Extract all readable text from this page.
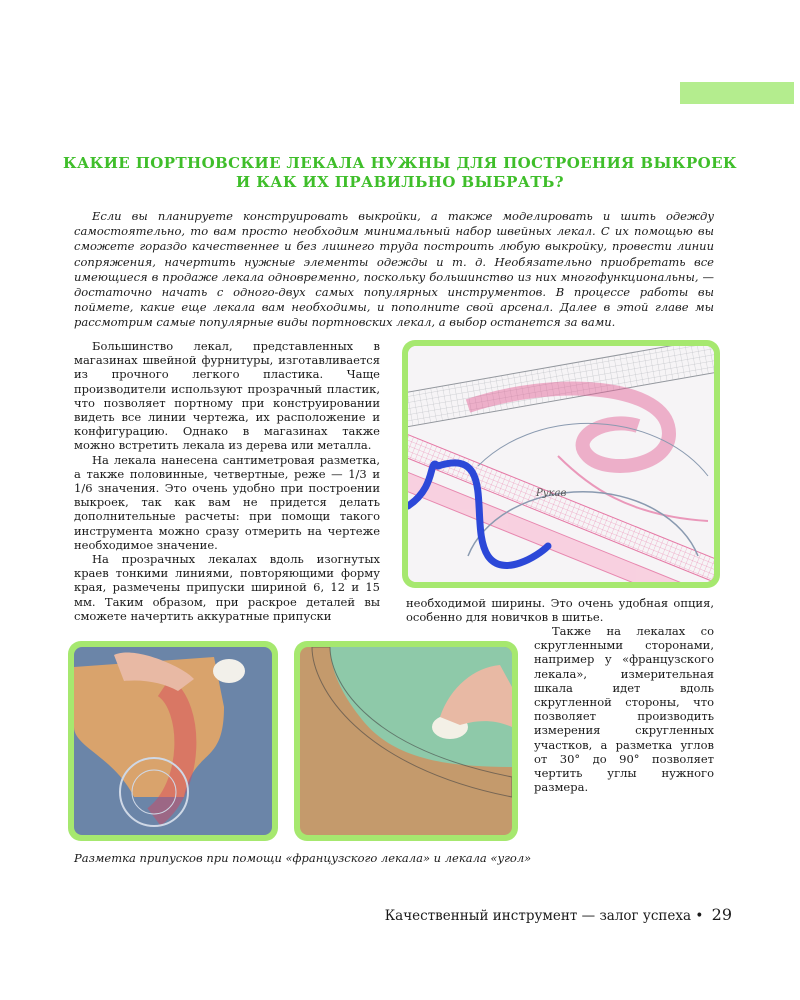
КАКИЕ ПОРТНОВСКИЕ ЛЕКАЛА НУЖНЫ ДЛЯ ПОСТРОЕНИЯ ВЫКРОЕК
И КАК ИХ ПРАВИЛЬНО ВЫБРАТЬ?

Если вы планируете конструировать выкройки, а также моделировать и шить одежду самостоятельно, то вам просто необходим минимальный набор швейных лекал. С их помощью вы сможете гораздо качественнее и без лишнего труда построить любую выкройку, провести линии сопряжения, начертить нужные элементы одежды и т. д. Необязательно приобретать все имеющиеся в продаже лекала одновременно, поскольку большинство из них многофункциональны, — достаточно начать с одного-двух самых популярных инструментов. В процессе работы вы поймете, какие еще лекала вам необходимы, и пополните свой арсенал. Далее в этой главе мы рассмотрим самые популярные виды портновских лекал, а выбор останется за вами.

Большинство лекал, представленных в магазинах швейной фурнитуры, изготавливается из прочного легкого пластика. Чаще производители используют прозрачный пластик, что позволяет портному при конструировании видеть все линии чертежа, их расположение и конфигурацию. Однако в магазинах также можно встретить лекала из дерева или металла.

На лекала нанесена сантиметровая разметка, а также половинные, четвертные, реже — 1/3 и 1/6 значения. Это очень удобно при построении выкроек, так как вам не придется делать дополнительные расчеты: при помощи такого инструмента можно сразу отмерить на чертеже необходимое значение.

На прозрачных лекалах вдоль изогнутых краев тонкими линиями, повторяющими форму края, размечены припуски шириной 6, 12 и 15 мм. Таким образом, при раскрое деталей вы сможете начертить аккуратные припуски

Рукав

необходимой ширины. Это очень удобная опция, особенно для новичков в шитье.

Также на лекалах со скругленными сторонами, например у «французского лекала», измерительная шкала идет вдоль скругленной стороны, что позволяет производить измерения скругленных участков, а разметка углов от 30° до 90° позволяет чертить углы нужного размера.

Разметка припусков при помощи «французского лекала» и лекала «угол»

Качественный инструмент — залог успеха • 29
